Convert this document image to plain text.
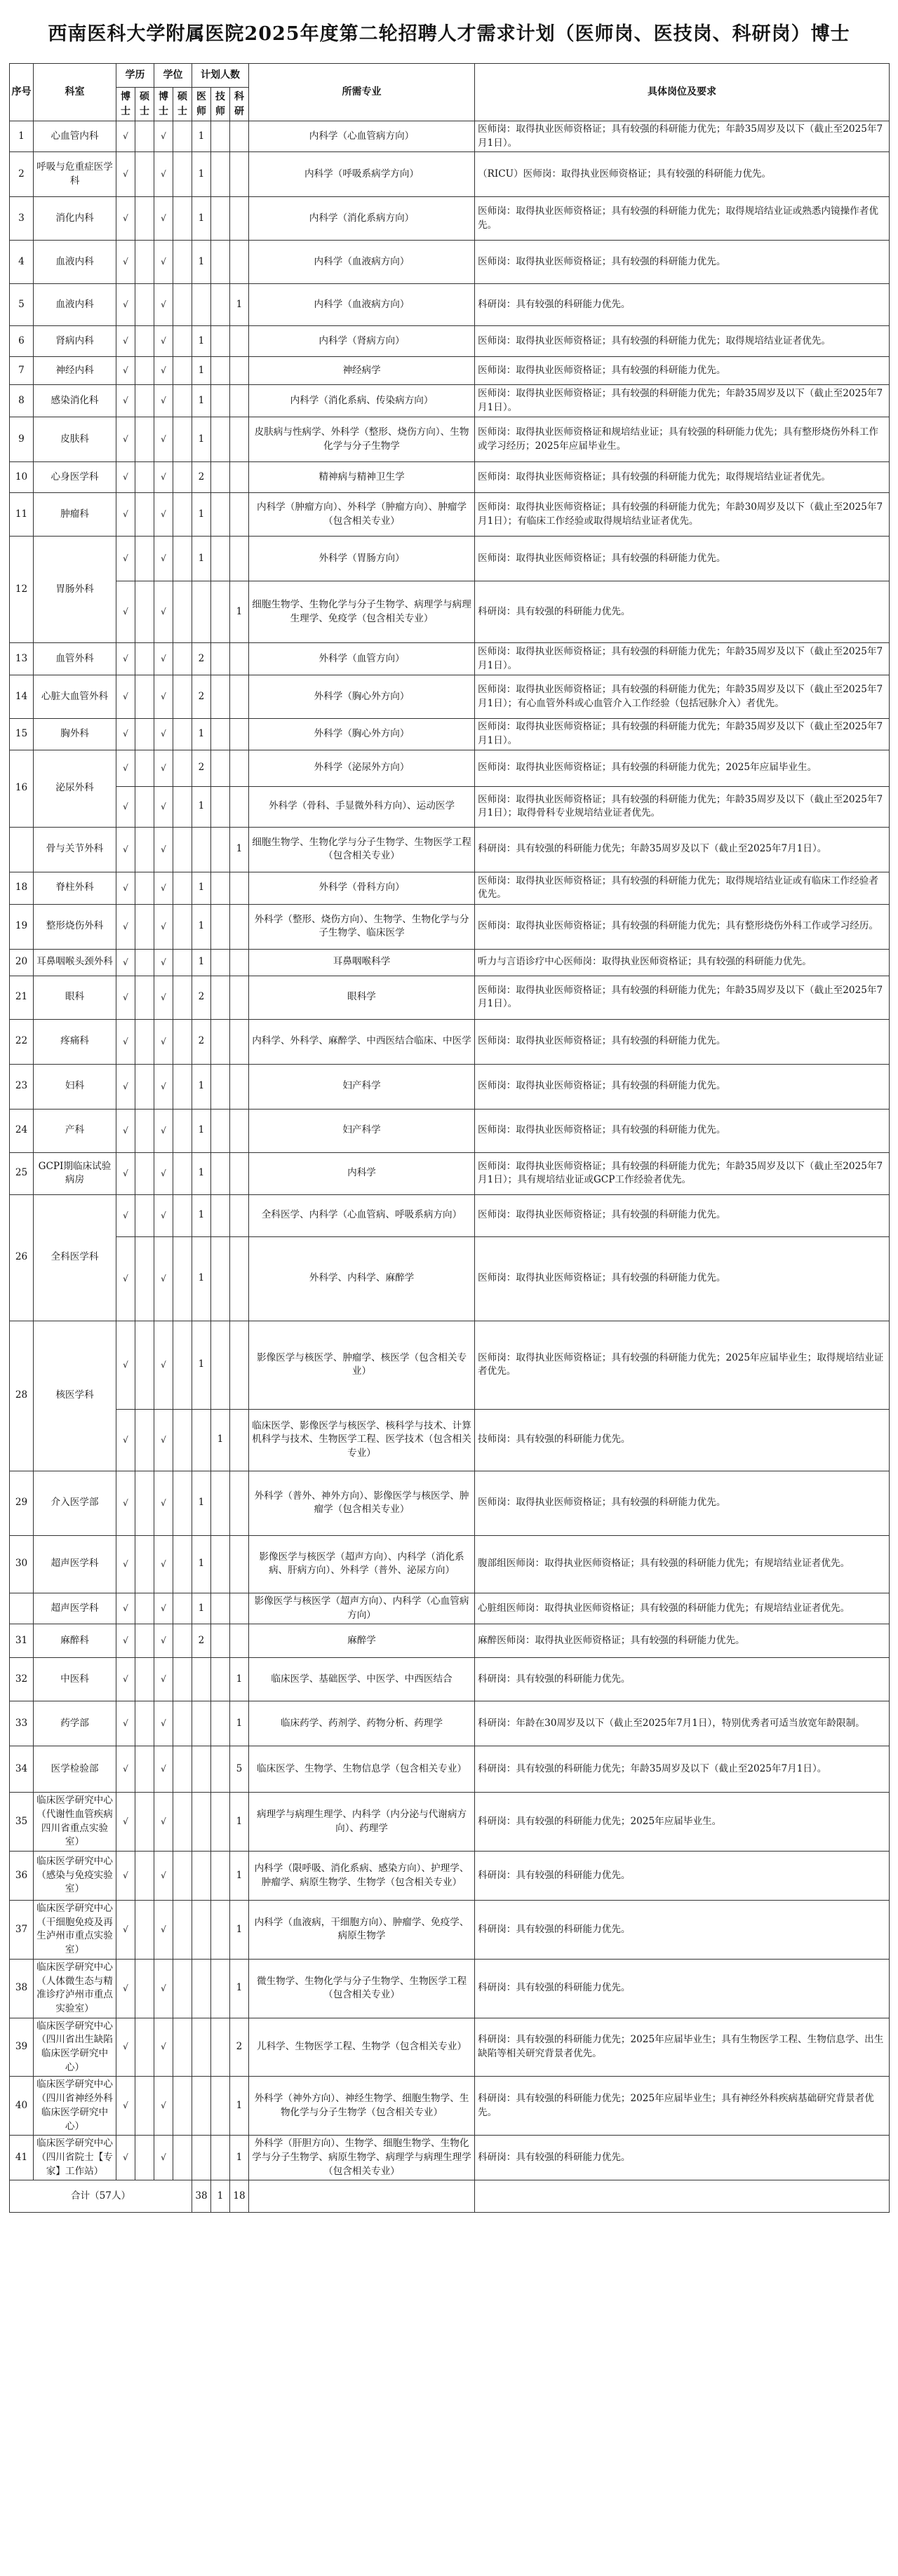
西南医科大学附属医院2025年度第二轮招聘人才需求计划（医师岗、医技岗、科研岗）博士
序号	科室	学历		学位		计划人数			所需专业	具体岗位及要求
		博士	硕士	博士	硕士	医师	技师	科研		
1	心血管内科	√		√		1			内科学（心血管病方向）	医师岗：取得执业医师资格证；具有较强的科研能力优先；年龄35周岁及以下（截止至2025年7月1日）。
2	呼吸与危重症医学科	√		√		1			内科学（呼吸系病学方向）	（RICU）医师岗：取得执业医师资格证；具有较强的科研能力优先。
3	消化内科	√		√		1			内科学（消化系病方向）	医师岗：取得执业医师资格证；具有较强的科研能力优先；取得规培结业证或熟悉内镜操作者优先。
4	血液内科	√		√		1			内科学（血液病方向）	医师岗：取得执业医师资格证；具有较强的科研能力优先。
5	血液内科	√		√				1	内科学（血液病方向）	科研岗：具有较强的科研能力优先。
6	肾病内科	√		√		1			内科学（肾病方向）	医师岗：取得执业医师资格证；具有较强的科研能力优先；取得规培结业证者优先。
7	神经内科	√		√		1			神经病学	医师岗：取得执业医师资格证；具有较强的科研能力优先。
8	感染消化科	√		√		1			内科学（消化系病、传染病方向）	医师岗：取得执业医师资格证；具有较强的科研能力优先；年龄35周岁及以下（截止至2025年7月1日）。
9	皮肤科	√		√		1			皮肤病与性病学、外科学（整形、烧伤方向）、生物化学与分子生物学	医师岗：取得执业医师资格证和规培结业证；具有较强的科研能力优先；具有整形烧伤外科工作或学习经历；2025年应届毕业生。
10	心身医学科	√		√		2			精神病与精神卫生学	医师岗：取得执业医师资格证；具有较强的科研能力优先；取得规培结业证者优先。
11	肿瘤科	√		√		1			内科学（肿瘤方向）、外科学（肿瘤方向）、肿瘤学（包含相关专业）	医师岗：取得执业医师资格证；具有较强的科研能力优先；年龄30周岁及以下（截止至2025年7月1日）；有临床工作经验或取得规培结业证者优先。
12	胃肠外科	√		√		1			外科学（胃肠方向）	医师岗：取得执业医师资格证；具有较强的科研能力优先。
		√		√				1	细胞生物学、生物化学与分子生物学、病理学与病理生理学、免疫学（包含相关专业）	科研岗：具有较强的科研能力优先。
13	血管外科	√		√		2			外科学（血管方向）	医师岗：取得执业医师资格证；具有较强的科研能力优先；年龄35周岁及以下（截止至2025年7月1日）。
14	心脏大血管外科	√		√		2			外科学（胸心外方向）	医师岗：取得执业医师资格证；具有较强的科研能力优先；年龄35周岁及以下（截止至2025年7月1日）；有心血管外科或心血管介入工作经验（包括冠脉介入）者优先。
15	胸外科	√		√		1			外科学（胸心外方向）	医师岗：取得执业医师资格证；具有较强的科研能力优先；年龄35周岁及以下（截止至2025年7月1日）。
16	泌尿外科	√		√		2			外科学（泌尿外方向）	医师岗：取得执业医师资格证；具有较强的科研能力优先；2025年应届毕业生。
		√		√		1			外科学（骨科、手显微外科方向）、运动医学	医师岗：取得执业医师资格证；具有较强的科研能力优先；年龄35周岁及以下（截止至2025年7月1日）；取得骨科专业规培结业证者优先。
	骨与关节外科	√		√				1	细胞生物学、生物化学与分子生物学、生物医学工程（包含相关专业）	科研岗：具有较强的科研能力优先；年龄35周岁及以下（截止至2025年7月1日）。
18	脊柱外科	√		√		1			外科学（骨科方向）	医师岗：取得执业医师资格证；具有较强的科研能力优先；取得规培结业证或有临床工作经验者优先。
19	整形烧伤外科	√		√		1			外科学（整形、烧伤方向）、生物学、生物化学与分子生物学、临床医学	医师岗：取得执业医师资格证；具有较强的科研能力优先；具有整形烧伤外科工作或学习经历。
20	耳鼻咽喉头颈外科	√		√		1			耳鼻咽喉科学	听力与言语诊疗中心医师岗：取得执业医师资格证；具有较强的科研能力优先。
21	眼科	√		√		2			眼科学	医师岗：取得执业医师资格证；具有较强的科研能力优先；年龄35周岁及以下（截止至2025年7月1日）。
22	疼痛科	√		√		2			内科学、外科学、麻醉学、中西医结合临床、中医学	医师岗：取得执业医师资格证；具有较强的科研能力优先。
23	妇科	√		√		1			妇产科学	医师岗：取得执业医师资格证；具有较强的科研能力优先。
24	产科	√		√		1			妇产科学	医师岗：取得执业医师资格证；具有较强的科研能力优先。
25	GCPⅠ期临床试验病房	√		√		1			内科学	医师岗：取得执业医师资格证；具有较强的科研能力优先；年龄35周岁及以下（截止至2025年7月1日）；具有规培结业证或GCP工作经验者优先。
26	全科医学科	√		√		1			全科医学、内科学（心血管病、呼吸系病方向）	医师岗：取得执业医师资格证；具有较强的科研能力优先。
		√		√		1			外科学、内科学、麻醉学	医师岗：取得执业医师资格证；具有较强的科研能力优先。
28	核医学科	√		√		1			影像医学与核医学、肿瘤学、核医学（包含相关专业）	医师岗：取得执业医师资格证；具有较强的科研能力优先；2025年应届毕业生；取得规培结业证者优先。
		√		√			1		临床医学、影像医学与核医学、核科学与技术、计算机科学与技术、生物医学工程、医学技术（包含相关专业）	技师岗：具有较强的科研能力优先。
29	介入医学部	√		√		1			外科学（普外、神外方向）、影像医学与核医学、肿瘤学（包含相关专业）	医师岗：取得执业医师资格证；具有较强的科研能力优先。
30	超声医学科	√		√		1			影像医学与核医学（超声方向）、内科学（消化系病、肝病方向）、外科学（普外、泌尿方向）	腹部组医师岗：取得执业医师资格证；具有较强的科研能力优先；有规培结业证者优先。
	超声医学科	√		√		1			影像医学与核医学（超声方向）、内科学（心血管病方向）	心脏组医师岗：取得执业医师资格证；具有较强的科研能力优先；有规培结业证者优先。
31	麻醉科	√		√		2			麻醉学	麻醉医师岗：取得执业医师资格证；具有较强的科研能力优先。
32	中医科	√		√				1	临床医学、基础医学、中医学、中西医结合	科研岗：具有较强的科研能力优先。
33	药学部	√		√				1	临床药学、药剂学、药物分析、药理学	科研岗：年龄在30周岁及以下（截止至2025年7月1日），特别优秀者可适当放宽年龄限制。
34	医学检验部	√		√				5	临床医学、生物学、生物信息学（包含相关专业）	科研岗：具有较强的科研能力优先；年龄35周岁及以下（截止至2025年7月1日）。
35	临床医学研究中心（代谢性血管疾病四川省重点实验室）	√		√				1	病理学与病理生理学、内科学（内分泌与代谢病方向）、药理学	科研岗：具有较强的科研能力优先；2025年应届毕业生。
36	临床医学研究中心（感染与免疫实验室）	√		√				1	内科学（限呼吸、消化系病、感染方向）、护理学、肿瘤学、病原生物学、生物学（包含相关专业）	科研岗：具有较强的科研能力优先。
37	临床医学研究中心（干细胞免疫及再生泸州市重点实验室）	√		√				1	内科学（血液病，干细胞方向）、肿瘤学、免疫学、病原生物学	科研岗：具有较强的科研能力优先。
38	临床医学研究中心（人体微生态与精准诊疗泸州市重点实验室）	√		√				1	微生物学、生物化学与分子生物学、生物医学工程（包含相关专业）	科研岗：具有较强的科研能力优先。
39	临床医学研究中心（四川省出生缺陷临床医学研究中心）	√		√				2	儿科学、生物医学工程、生物学（包含相关专业）	科研岗：具有较强的科研能力优先；2025年应届毕业生；具有生物医学工程、生物信息学、出生缺陷等相关研究背景者优先。
40	临床医学研究中心（四川省神经外科临床医学研究中心）	√		√				1	外科学（神外方向）、神经生物学、细胞生物学、生物化学与分子生物学（包含相关专业）	科研岗：具有较强的科研能力优先；2025年应届毕业生；具有神经外科疾病基础研究背景者优先。
41	临床医学研究中心（四川省院士【专家】工作站）	√		√				1	外科学（肝胆方向）、生物学、细胞生物学、生物化学与分子生物学、病原生物学、病理学与病理生理学（包含相关专业）	科研岗：具有较强的科研能力优先。
合计（57人）						38	1	18		
